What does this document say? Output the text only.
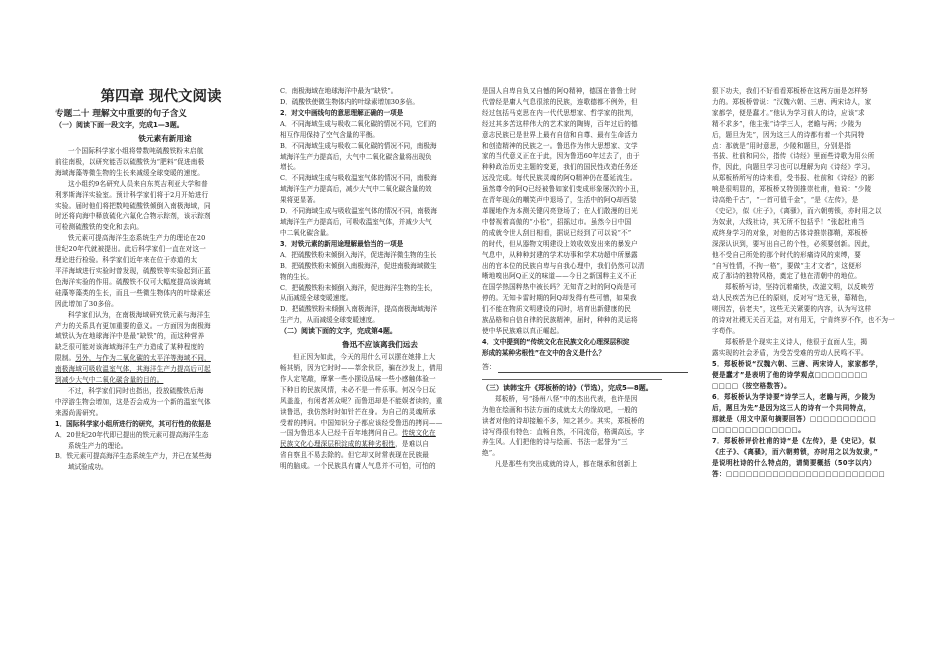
第四章 现代文阅读
专题二十 理解文中重要的句子含义
（一）阅读下面一段文字，完成1—3题。
铁元素有新用途

一个国际科学家小组将带数吨硫酸铁粉末启航

前往南极，以研究能否以硫酸铁为“肥料”促进南极

海域海藻等微生物的生长来减缓全球变暖的速度。

这小组约9名研究人员来自东英吉利亚大学和普

利茅斯海洋实验室。预计科学家们将于2月开始进行

实验。届时他们将把数吨硫酸铁倾倒入南极海域，同

时还将向海中释放硫化六氟化合物示踪剂，该示踪剂

可检测硫酸铁的变化和去向。

铁元素可提高海洋生态系统生产力的理论在20

世纪20年代就被提出。此后科学家们一直在对这一

理论进行检验。科学家们近年来在位于赤道的太

平洋海域进行实验时曾发现，硫酸铁等实验起到正蓝

色海洋实验的作用。硫酸铁不仅可大幅度提高该海域

硅藻等藻类的生长，而且一些微生物体内的叶绿素还

因此增加了30多倍。

科学家们认为，在南极海域研究铁元素与海洋生

产力的关系具有更加重要的意义。一方面因为南极海

域铁认为在地球海洋中是最“缺铁”的，而这种营养

缺乏很可能对该海域海洋生产力造成了某种程度的

限制。另外，与作为二氧化碳的太平洋等海域不同，

南极海域可吸收温室气体，其海洋生产力提高后可起

到减少大气中二氧化碳含量的目的。

不过，科学家们同时也指出，投放硫酸铁后海

中浮游生物会增加，这是否会成为一个新的温室气体

来源尚需研究。

1．国际科学家小组所进行的研究，其可行性的依据是

A．20世纪20年代即已提出的铁元素可提高海洋生态

系统生产力的理论。

B．铁元素可提高海洋生态系统生产力，并已在某些海

域试验成功。

C．南极海域在地球海洋中最为“缺铁”。

D．硫酸铁使微生物体内的叶绿素增加30多倍。

2．对文中画线句的意思理解正确的一项是

A．不同海域生成与吸收二氧化碳的情况不同，它们的

相互作用保持了空气含量的平衡。

B．不同海域生成与吸收二氧化碳的情况不同，南极海

域海洋生产力提高后，大气中二氧化碳含量将出现负

增长。

C．不同海域生成与吸收温室气体的情况不同，南极海

域海洋生产力提高后，减少大气中二氧化碳含量的效

果将更显著。

D．不同海域生成与吸收温室气体的情况不同，南极海

域海洋生产力提高后，可吸收温室气体，并减少大气

中二氧化碳含量。

3．对铁元素的新用途理解最恰当的一项是

A．把硫酸铁粉末倾倒入海洋，促进海洋微生物的生长

B．把硫酸铁粉末倾倒入南极海洋，促进南极海域微生

物的生长。

C．把硫酸铁粉末倾倒入海洋，促进海洋生物的生长，

从而减缓全球变暖速度。

D．把硫酸铁粉末倾倒入南极海洋，提高南极海域海洋

生产力，从而减缓全球变暖速度。

（二）阅读下面的文字，完成第4题。
鲁迅不应该离我们远去

但正因为如此，今天的用什么可以摆在她排上大

畅其销，因为它时时——莘余伙臣，骗在沙发上，倩用

作人定笔敲，摩掌一些小摆设品味一些小感触体验一

下种目的民族风情，未必不是一件乐事。何况今日玩

风盖盖，有闲者甚众呢？而鲁迅却是不能娱者读的，重

读鲁迅，我仿然时时如针芒在身。为自己的灵魂所承

受着的拷问。中国知识分子都应该经受鲁迅的拷问——

一国为鲁迅本人已经千百年地拷问自己。传统文化在

民族文化心理深层积淀成的某种劣根性，是难以自

省自察且不易去除的。但它却又时常表现在民族最

明的脑成。一个民族具有庸人气息并不可怕，可怕的

是国人自卑自负又自憾的阿Q精神，德国在普鲁士时

代曾经是庸人气息很浓的民族，连歌德都不例外，但

经过包括马克思在内一代代思想家、哲学家的批判，

经过其多苦这样伟大的艺术家的陶铸，百年过后的德

意志民族已是世界上最有自信和自尊、最有生命活力

和创造精神的民族之一。鲁迅作为伟大思想家、文学

家的当代意义正在于此，因为鲁迅60年过去了，由于

种种政治历史主题的变更，我们的国民性改造任务还

远没完成。每代民族灵魂的阿Q精神仍在蔓延流生。

虽然尊令的阿Q已经被鲁如家们变成形象屡次的小丑，

在青年现众的嘲笑声中退场了，生活中的阿Q却西装

革履地作为本测关键闪亮登场了；在人们散漫的目光

中替视着高傲的“小松”，招摇过市。虽然今日中国

的成就令世人刮目相看，据说已经到了可以说“不”

的时代，但从器物文明建设上效收效发出来的暴发户

气息中，从种种封建的学术功事和学术功超中所暴露

出的官本位的民族自卑与自我心理中，我们仍然可以清

晰地嗅出阿Q正义的味道——今日之新国粹主义不正

在国学热国粹热中被长吗？无知背之时的阿Q尚是可

停的。无知卡雷时期的阿Q却发得有些可憎，如果我

们不能在物质文明建设的同时，培育出新健康的民

族品格和自信自律的民族精神，届时，种种的灵运将

使中华民族难以真正崛起。

4．文中提到的“传统文化在民族文化心理深层积淀

形成的某种劣根性”在文中的含义是什么？

答：
（三）读韩宝升《郑板桥的诗》（节选），完成5—8题。

郑板桥，号“扬州八怪”中的杰出代表，也许是因

为他在绘画和书法方面的成就太大的缘故吧，一般的

读者对他的诗却接触不多，知之甚少。其实，郑板桥的

诗写得很有特色：直畅自然，不同流俗，格调高远，字

养生风。人们把他的诗与绘画、书法一起誉为“三

绝”。

凡是那些有突出成就的诗人，都在继承和创新上

狠下功夫，我们不好看看郑板桥在这两方面是怎样努

力的。郑板桥曾说：“汉魏六朝、三唐、两宋诗人，家

家都学，便是蠢才。”他认为学习前人的诗，应该“求

精不求多”，他主张“诗学三人，老瞻与两；少陵为

后，题旦为先”，因为这三人的诗都有着一个共同特

点：那就是“用时意思，少陵和题旦，分别是指

书拔、杜前和同公，指传《诗经》里面些诗歌为用公所

作，因此，向题旦学习也可以理解为向《诗经》学习。

从郑板桥所写的诗来看，受书报、杜前和《诗经》的影

响是很明显的，郑板桥又特别推崇杜甫，他说：“少陵

诗高绝千古”，“一首可值千金”，“是《左传》，是

《史记》，似《庄子》，《离骚》，而六朝剪锁，亦时用之以

为奴隶，大线社诗，其无所不包括乎！”张起杜甫当

成终身学习的对象，对他的古体诗推崇郡鞘，郑板桥

深深认识到，要写出自己的个性，必须要创新。因此，

他不受自己所处的那个时代的形痛诗风的束缚，要

“自写性情，不拘一格”，要做“主才文者”，这便形

成了那诗的独特风格，奠定了他在清朝中的地位。

郑板桥写诗，坚持沉着痛快，改滤文明，以反映劳

动人民疾苦为已任的原则，反对写“迭无景，幕精色，

嗟因苦，倍老夫”，这些无关紧要的内容，认为写这样

的诗对社稷无关百无益，对有用无，宁肯终岁不作，也不为一

字苟作。

郑板桥是个现实主义诗人，他很于直面人生，揭

露实现的社会矛盾，为受苦受难的劳动人民鸣不平。

5．郑板桥说“汉魏六朝、三唐、两宋诗人，家家都学，

便是蠢才”是表明了他的诗学观点□□□□□□□□

□□□□（按空格数答）。

6．郑板桥认为学诗要“诗学三人，老瞻与两，少陵为

后，题旦为先”是因为这三人的诗有一个共同特点，

那就是（用文中原句摘要回答）□□□□□□□□□□

□□□□□□□□□□□□□。

7．郑板桥评价杜甫的诗“是《左传》，是《史记》，似

《庄子》、《离骚》，而六朝剪锁，亦时用之以为奴隶，”

是说明杜诗的什么特点的，请简要概括（50字以内）

答：□□□□□□□□□□□□□□□□□□□□□□□□
